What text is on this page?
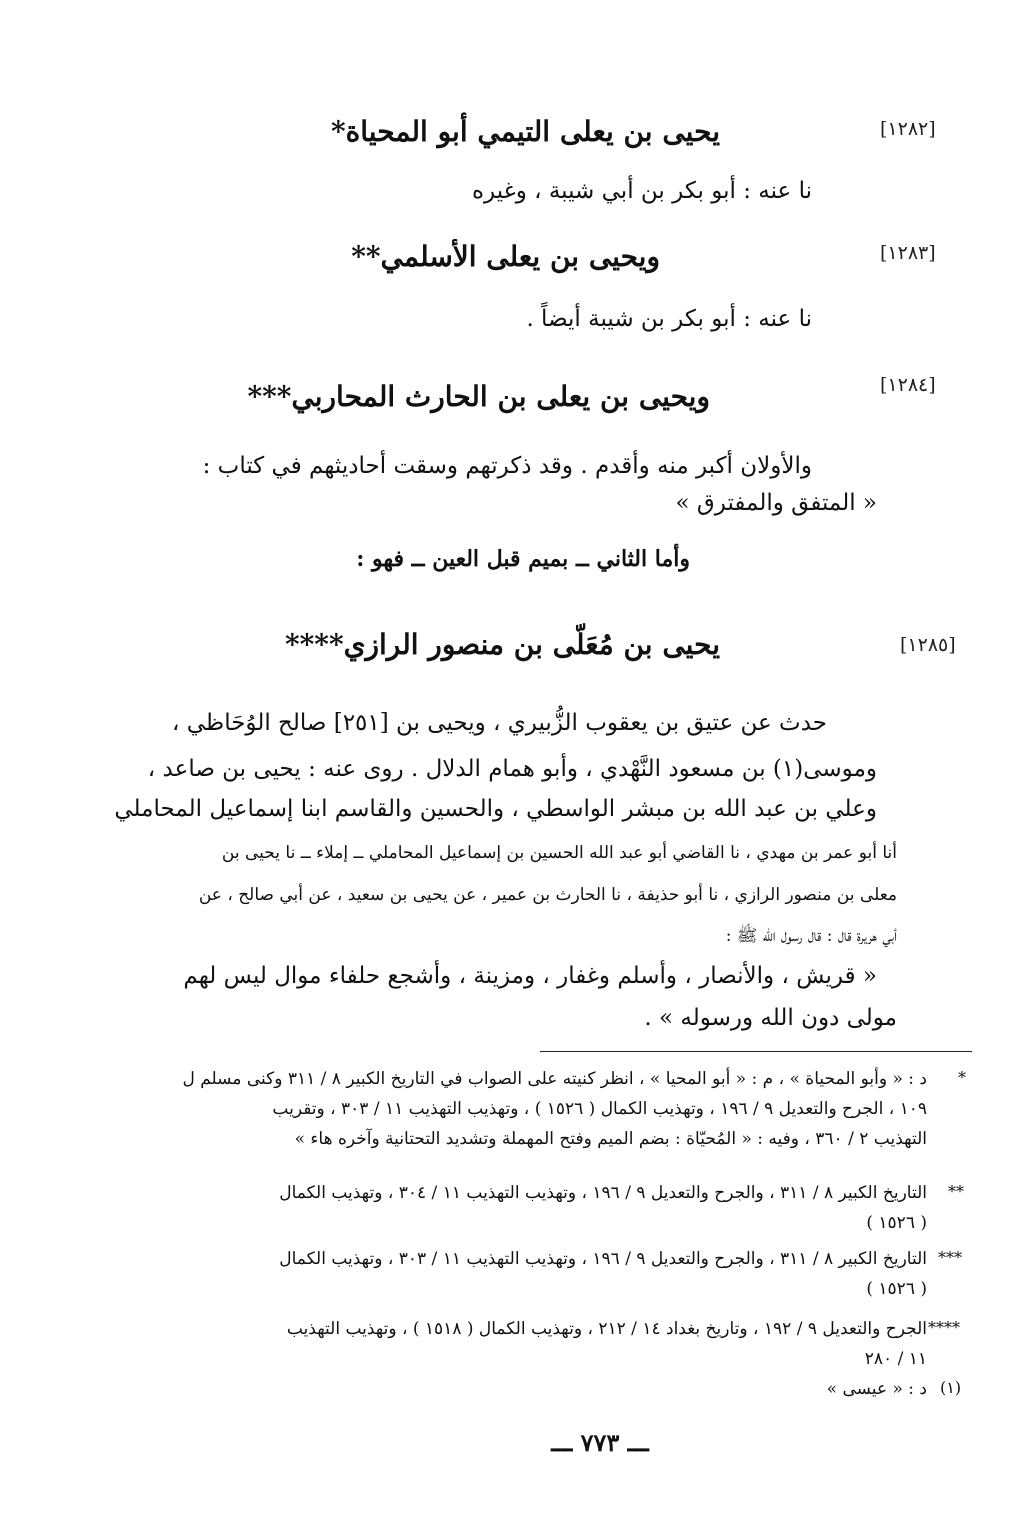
[١٢٨٢]
يحيى بن يعلى التيمي أبو المحياة*
نا عنه : أبو بكر بن أبي شيبة ، وغيره
[١٢٨٣]
ويحيى بن يعلى الأسلمي**
نا عنه : أبو بكر بن شيبة أيضاً .
[١٢٨٤]
ويحيى بن يعلى بن الحارث المحاربي***
والأولان أكبر منه وأقدم . وقد ذكرتهم وسقت أحاديثهم في كتاب :
« المتفق والمفترق »
وأما الثاني ــ بميم قبل العين ــ فهو :
[١٢٨٥]
يحيى بن مُعَلّى بن منصور الرازي****
حدث عن عتيق بن يعقوب الزُّبيري ، ويحيى بن [٢٥١] صالح الوُحَاظي ،
وموسى(١) بن مسعود النَّهْدي ، وأبو همام الدلال . روى عنه : يحيى بن صاعد ،
وعلي بن عبد الله بن مبشر الواسطي ، والحسين والقاسم ابنا إسماعيل المحاملي
أنا أبو عمر بن مهدي ، نا القاضي أبو عبد الله الحسين بن إسماعيل المحاملي ــ إملاء ــ نا يحيى بن
معلى بن منصور الرازي ، نا أبو حذيفة ، نا الحارث بن عمير ، عن يحيى بن سعيد ، عن أبي صالح ، عن
أبي هريرة قال : قال رسول الله ﷺ :
« قريش ، والأنصار ، وأسلم وغفار ، ومزينة ، وأشجع حلفاء موال ليس لهم
مولى دون الله ورسوله » .
*
د : « وأبو المحياة » ، م : « أبو المحيا » ، انظر كنيته على الصواب في التاريخ الكبير ٨ / ٣١١ وكنى مسلم ل
١٠٩ ، الجرح والتعديل ٩ / ١٩٦ ، وتهذيب الكمال ( ١٥٢٦ ) ، وتهذيب التهذيب ١١ / ٣٠٣ ، وتقريب
التهذيب ٢ / ٣٦٠ ، وفيه : « المُحيّاة : بضم الميم وفتح المهملة وتشديد التحتانية وآخره هاء »
**
التاريخ الكبير ٨ / ٣١١ ، والجرح والتعديل ٩ / ١٩٦ ، وتهذيب التهذيب ١١ / ٣٠٤ ، وتهذيب الكمال
( ١٥٢٦ )
***
التاريخ الكبير ٨ / ٣١١ ، والجرح والتعديل ٩ / ١٩٦ ، وتهذيب التهذيب ١١ / ٣٠٣ ، وتهذيب الكمال
( ١٥٢٦ )
****
الجرح والتعديل ٩ / ١٩٢ ، وتاريخ بغداد ١٤ / ٢١٢ ، وتهذيب الكمال ( ١٥١٨ ) ، وتهذيب التهذيب
١١ / ٢٨٠
(١)
د : « عيسى »
ـــ ٧٧٣ ـــ
